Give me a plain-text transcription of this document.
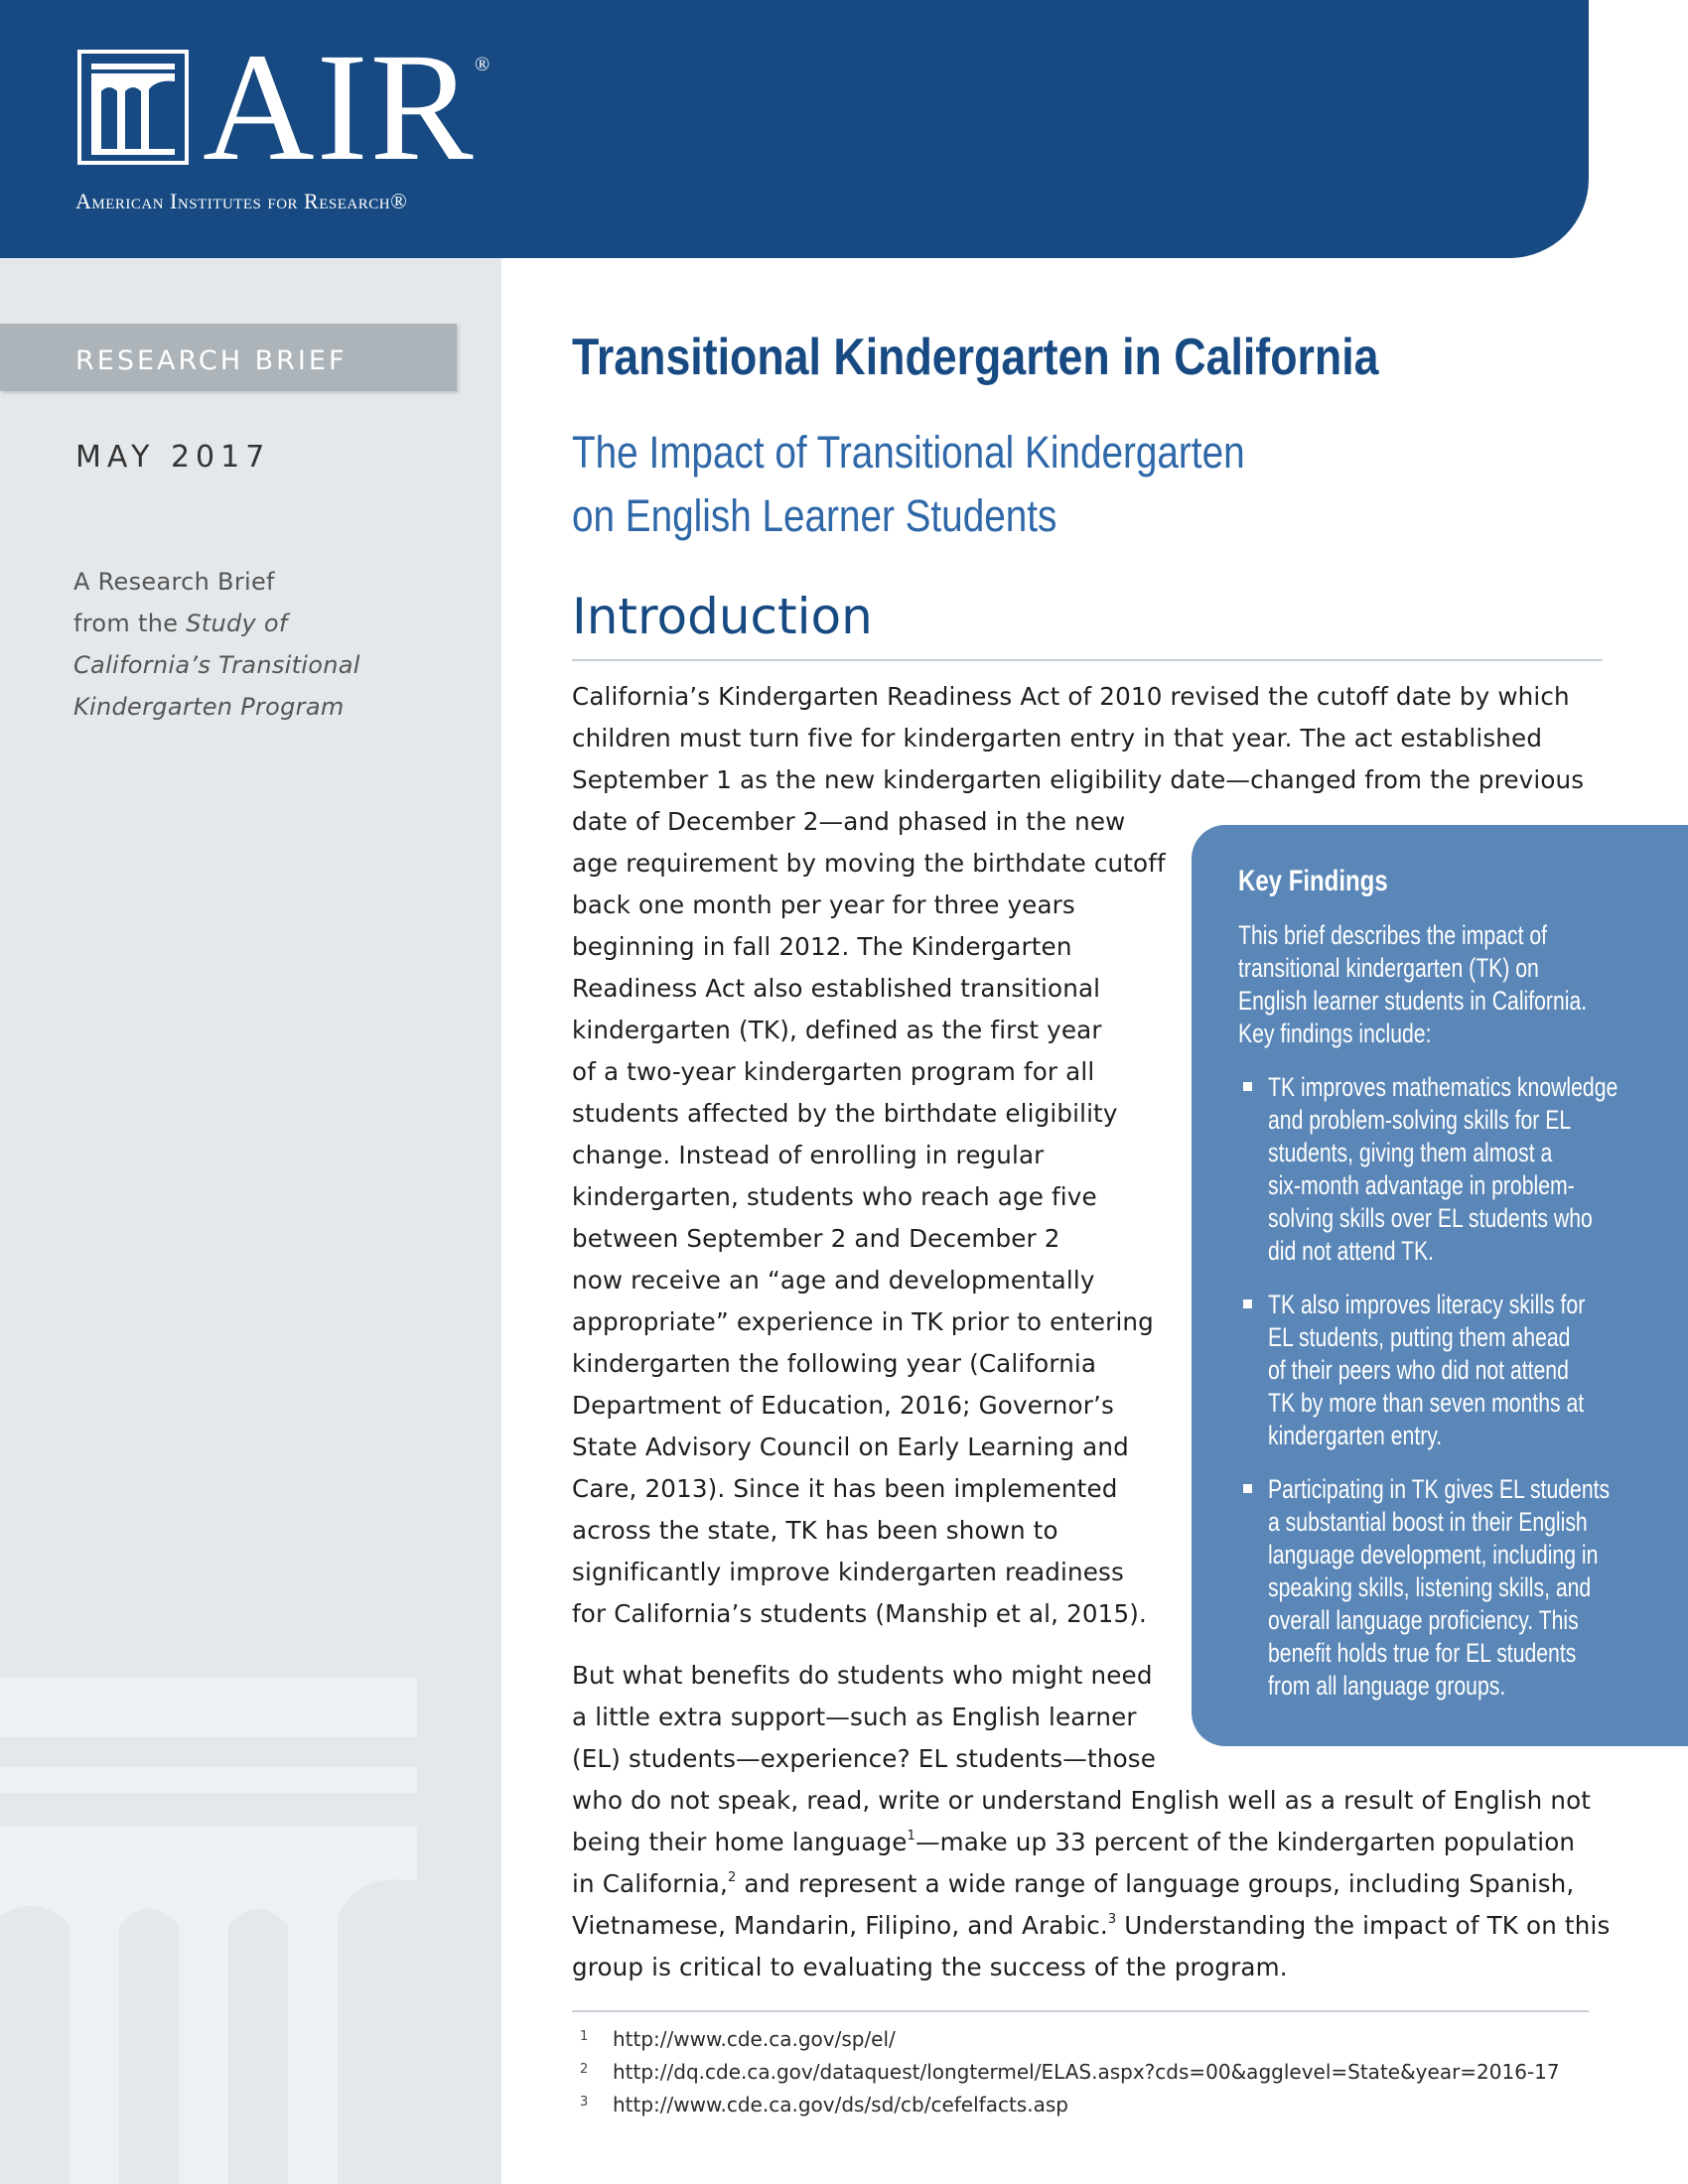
AIR ®
American Institutes for Research®
RESEARCH BRIEF
MAY 2017
A Research Brief
from the Study of
California’s Transitional
Kindergarten Program
Transitional Kindergarten in California
The Impact of Transitional Kindergarten
on English Learner Students
Introduction
California’s Kindergarten Readiness Act of 2010 revised the cutoff date by which
children must turn five for kindergarten entry in that year. The act established
September 1 as the new kindergarten eligibility date—changed from the previous
date of December 2—and phased in the new
age requirement by moving the birthdate cutoff
back one month per year for three years
beginning in fall 2012. The Kindergarten
Readiness Act also established transitional
kindergarten (TK), defined as the first year
of a two-year kindergarten program for all
students affected by the birthdate eligibility
change. Instead of enrolling in regular
kindergarten, students who reach age five
between September 2 and December 2
now receive an “age and developmentally
appropriate” experience in TK prior to entering
kindergarten the following year (California
Department of Education, 2016; Governor’s
State Advisory Council on Early Learning and
Care, 2013). Since it has been implemented
across the state, TK has been shown to
significantly improve kindergarten readiness
for California’s students (Manship et al, 2015).
But what benefits do students who might need
a little extra support—such as English learner
(EL) students—experience? EL students—those
who do not speak, read, write or understand English well as a result of English not
being their home language$^1$—make up 33 percent of the kindergarten population
in California,$^2$ and represent a wide range of language groups, including Spanish,
Vietnamese, Mandarin, Filipino, and Arabic.$^3$ Understanding the impact of TK on this
group is critical to evaluating the success of the program.
Key Findings
This brief describes the impact of
transitional kindergarten (TK) on
English learner students in California.
Key findings include:
TK improves mathematics knowledge
and problem-solving skills for EL
students, giving them almost a
six-month advantage in problem-
solving skills over EL students who
did not attend TK.
TK also improves literacy skills for
EL students, putting them ahead
of their peers who did not attend
TK by more than seven months at
kindergarten entry.
Participating in TK gives EL students
a substantial boost in their English
language development, including in
speaking skills, listening skills, and
overall language proficiency. This
benefit holds true for EL students
from all language groups.
1 http://www.cde.ca.gov/sp/el/
2 http://dq.cde.ca.gov/dataquest/longtermel/ELAS.aspx?cds=00&agglevel=State&year=2016-17
3 http://www.cde.ca.gov/ds/sd/cb/cefelfacts.asp
